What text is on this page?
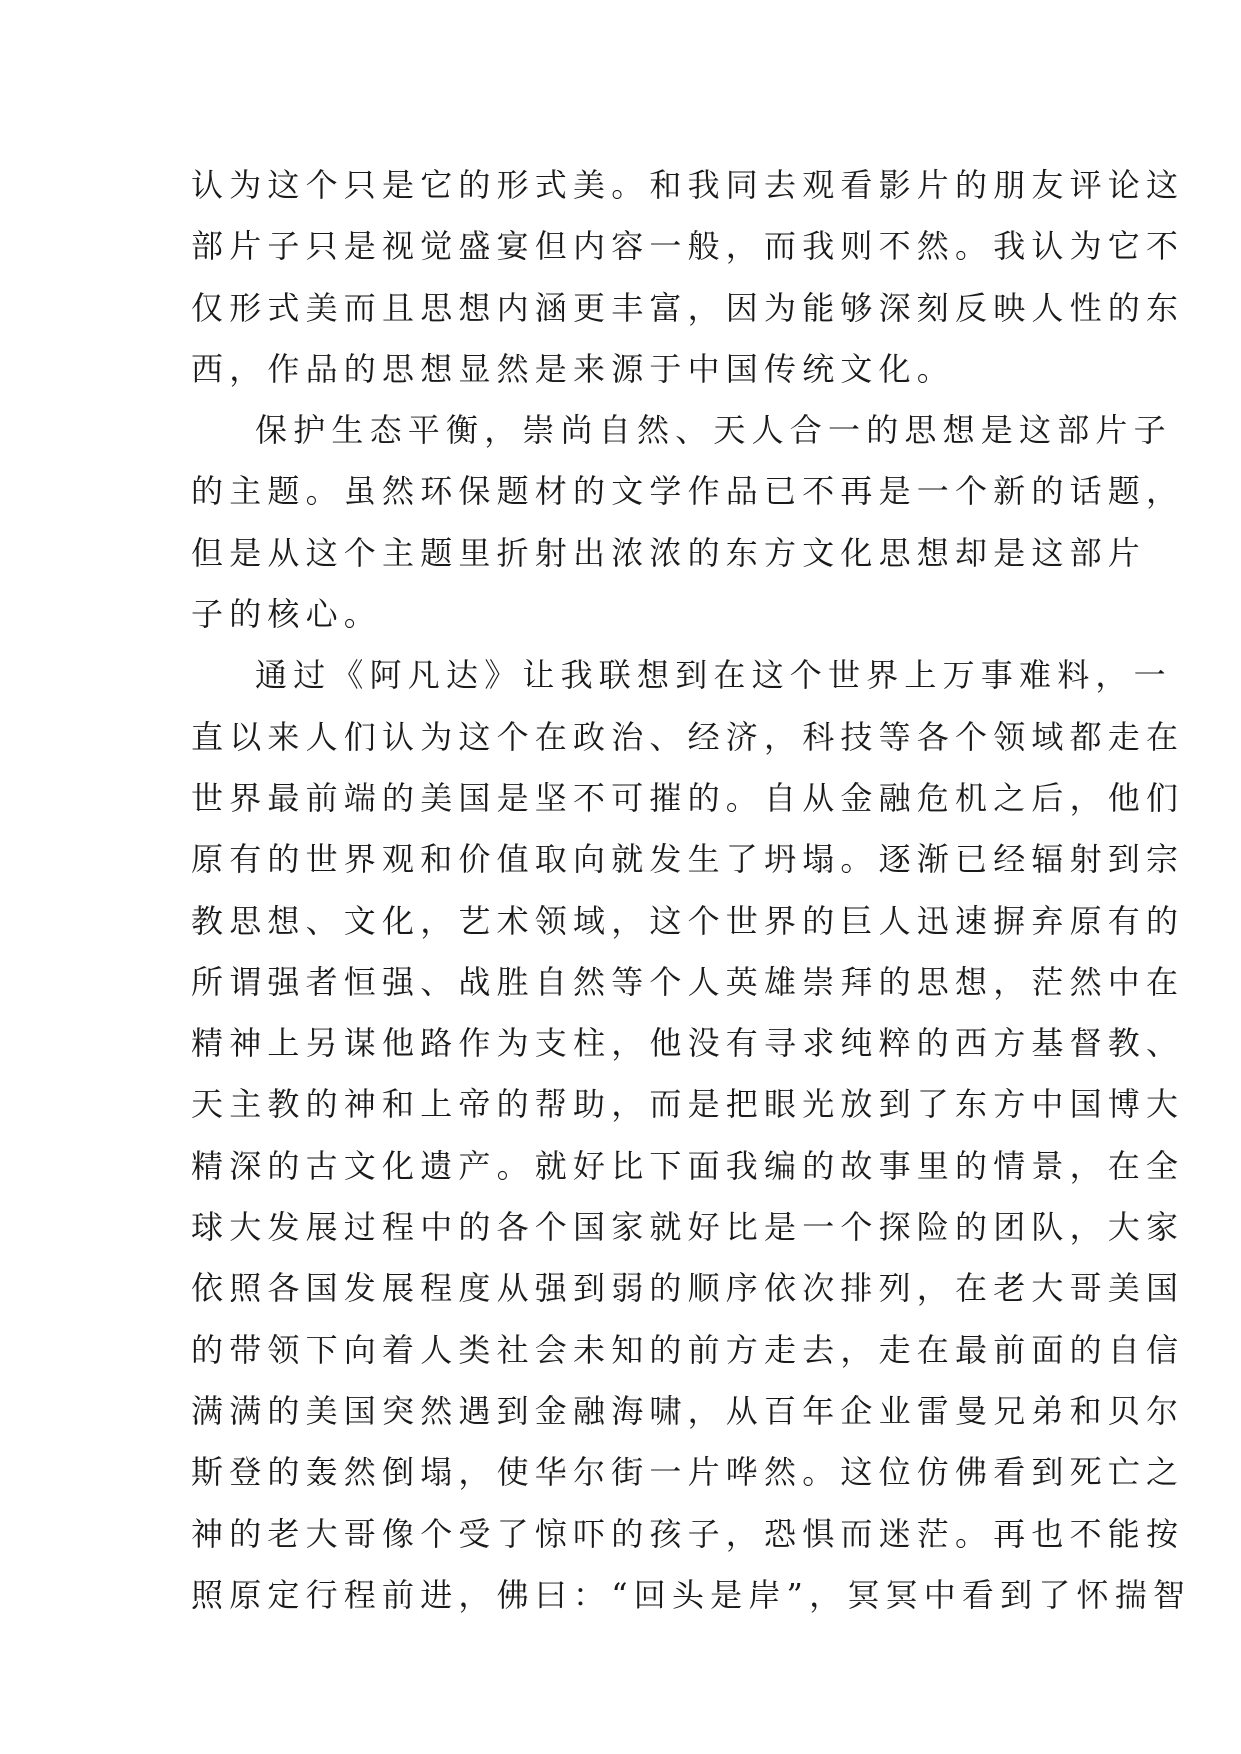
认为这个只是它的形式美。和我同去观看影片的朋友评论这
部片子只是视觉盛宴但内容一般，而我则不然。我认为它不
仅形式美而且思想内涵更丰富，因为能够深刻反映人性的东
西，作品的思想显然是来源于中国传统文化。
保护生态平衡，崇尚自然、天人合一的思想是这部片子
的主题。虽然环保题材的文学作品已不再是一个新的话题，
但是从这个主题里折射出浓浓的东方文化思想却是这部片
子的核心。
通过《阿凡达》让我联想到在这个世界上万事难料，一
直以来人们认为这个在政治、经济，科技等各个领域都走在
世界最前端的美国是坚不可摧的。自从金融危机之后，他们
原有的世界观和价值取向就发生了坍塌。逐渐已经辐射到宗
教思想、文化，艺术领域，这个世界的巨人迅速摒弃原有的
所谓强者恒强、战胜自然等个人英雄崇拜的思想，茫然中在
精神上另谋他路作为支柱，他没有寻求纯粹的西方基督教、
天主教的神和上帝的帮助，而是把眼光放到了东方中国博大
精深的古文化遗产。就好比下面我编的故事里的情景，在全
球大发展过程中的各个国家就好比是一个探险的团队，大家
依照各国发展程度从强到弱的顺序依次排列，在老大哥美国
的带领下向着人类社会未知的前方走去，走在最前面的自信
满满的美国突然遇到金融海啸，从百年企业雷曼兄弟和贝尔
斯登的轰然倒塌，使华尔街一片哗然。这位仿佛看到死亡之
神的老大哥像个受了惊吓的孩子，恐惧而迷茫。再也不能按
照原定行程前进，佛曰：“回头是岸”，冥冥中看到了怀揣智
